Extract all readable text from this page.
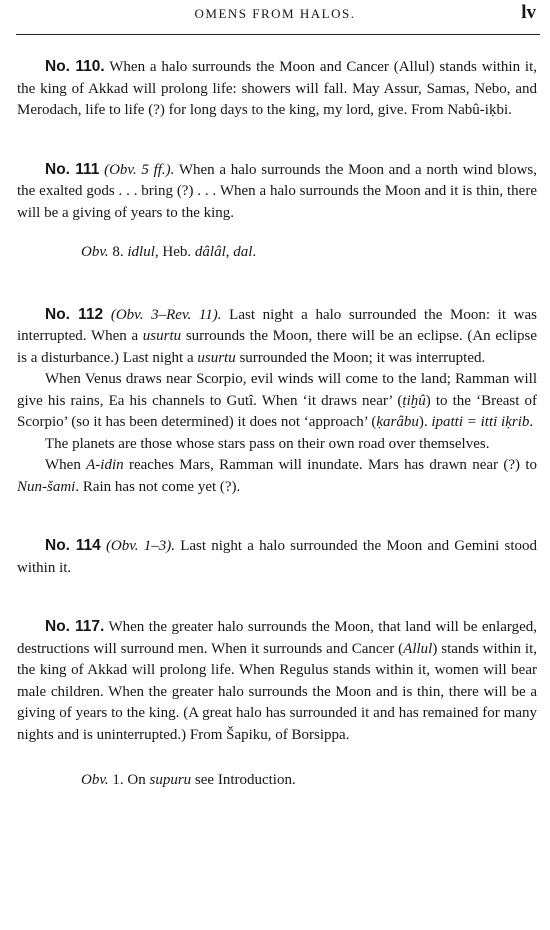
OMENS FROM HALOS.	lv

No. 110. When a halo surrounds the Moon and Cancer (Allul) stands within it, the king of Akkad will prolong life: showers will fall. May Assur, Samas, Nebo, and Merodach, life to life (?) for long days to the king, my lord, give. From Nabû-iḳbi.

No. 111 (Obv. 5 ff.). When a halo surrounds the Moon and a north wind blows, the exalted gods . . . bring (?) . . . When a halo surrounds the Moon and it is thin, there will be a giving of years to the king.

Obv. 8. idlul, Heb. dâlâl, dal.

No. 112 (Obv. 3–Rev. 11). Last night a halo surrounded the Moon: it was interrupted. When a usurtu surrounds the Moon, there will be an eclipse. (An eclipse is a disturbance.) Last night a usurtu surrounded the Moon; it was interrupted.

When Venus draws near Scorpio, evil winds will come to the land; Ramman will give his rains, Ea his channels to Gutî. When ‘it draws near’ (ṭiḫû) to the ‘Breast of Scorpio’ (so it has been determined) it does not ‘approach’ (ḳarâbu). ipatti = itti iḳrib.

The planets are those whose stars pass on their own road over themselves.

When A-idin reaches Mars, Ramman will inundate. Mars has drawn near (?) to Nun-šami. Rain has not come yet (?).

No. 114 (Obv. 1–3). Last night a halo surrounded the Moon and Gemini stood within it.

No. 117. When the greater halo surrounds the Moon, that land will be enlarged, destructions will surround men. When it surrounds and Cancer (Allul) stands within it, the king of Akkad will prolong life. When Regulus stands within it, women will bear male children. When the greater halo surrounds the Moon and is thin, there will be a giving of years to the king. (A great halo has surrounded it and has remained for many nights and is uninterrupted.) From Šapiku, of Borsippa.

Obv. 1. On supuru see Introduction.
